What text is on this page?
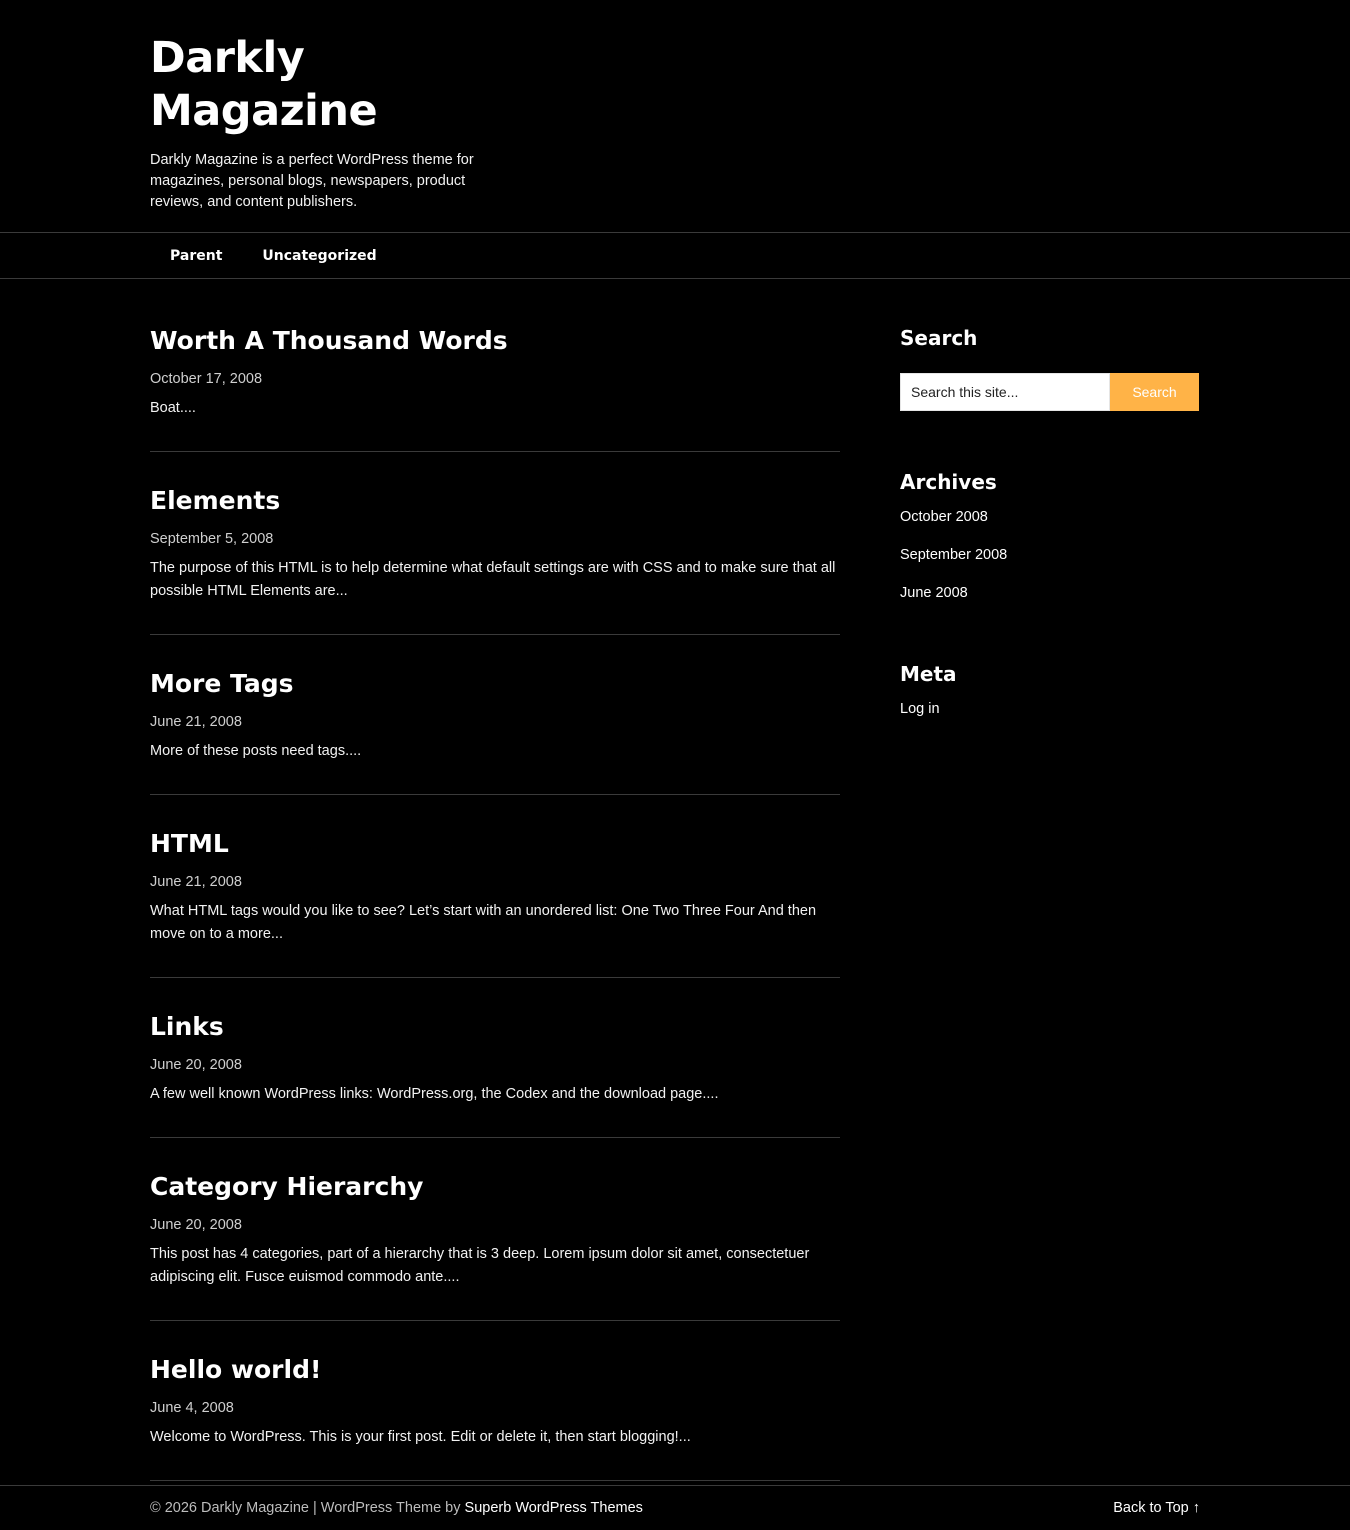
Darkly Magazine
Darkly Magazine is a perfect WordPress theme for magazines, personal blogs, newspapers, product reviews, and content publishers.
Parent	Uncategorized
Worth A Thousand Words
October 17, 2008

Boat....

Elements
September 5, 2008

The purpose of this HTML is to help determine what default settings are with CSS and to make sure that all possible HTML Elements are...

More Tags
June 21, 2008

More of these posts need tags....

HTML
June 21, 2008

What HTML tags would you like to see? Let’s start with an unordered list: One Two Three Four And then move on to a more...

Links
June 20, 2008

A few well known WordPress links: WordPress.org, the Codex and the download page....

Category Hierarchy
June 20, 2008

This post has 4 categories, part of a hierarchy that is 3 deep. Lorem ipsum dolor sit amet, consectetuer adipiscing elit. Fusce euismod commodo ante....

Hello world!
June 4, 2008

Welcome to WordPress. This is your first post. Edit or delete it, then start blogging!...

Search
Search this site...
Search
Archives
October 2008
September 2008
June 2008
Meta
Log in
© 2026 Darkly Magazine | WordPress Theme by Superb WordPress Themes	Back to Top ↑
